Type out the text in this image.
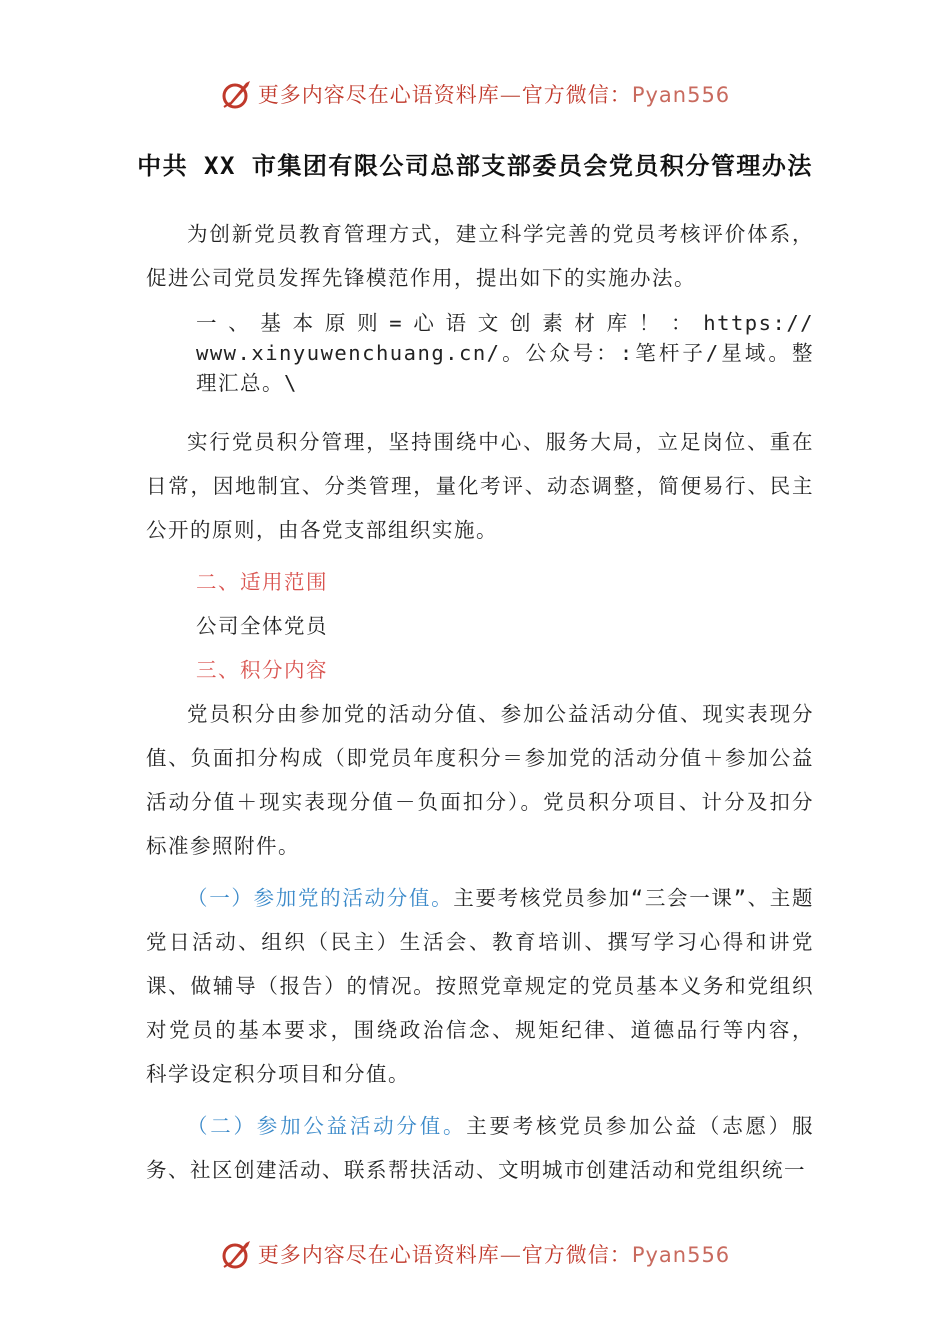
更多内容尽在心语资料库—官方微信：Pyan556
中共 XX 市集团有限公司总部支部委员会党员积分管理办法

为创新党员教育管理方式，建立科学完善的党员考核评价体系，促进公司党员发挥先锋模范作用，提出如下的实施办法。

一、基本原则=心语文创素材库！：https:// www.xinyuwenchuang.cn/。公众号：:笔杆子/星域。整理汇总。\

实行党员积分管理，坚持围绕中心、服务大局，立足岗位、重在日常，因地制宜、分类管理，量化考评、动态调整，简便易行、民主公开的原则，由各党支部组织实施。

二、适用范围

公司全体党员

三、积分内容

党员积分由参加党的活动分值、参加公益活动分值、现实表现分值、负面扣分构成（即党员年度积分＝参加党的活动分值＋参加公益活动分值＋现实表现分值－负面扣分）。党员积分项目、计分及扣分标准参照附件。

（一）参加党的活动分值。主要考核党员参加“三会一课”、主题党日活动、组织（民主）生活会、教育培训、撰写学习心得和讲党课、做辅导（报告）的情况。按照党章规定的党员基本义务和党组织对党员的基本要求，围绕政治信念、规矩纪律、道德品行等内容， 科学设定积分项目和分值。

（二）参加公益活动分值。主要考核党员参加公益（志愿）服务、社区创建活动、联系帮扶活动、文明城市创建活动和党组织统一

更多内容尽在心语资料库—官方微信：Pyan556
